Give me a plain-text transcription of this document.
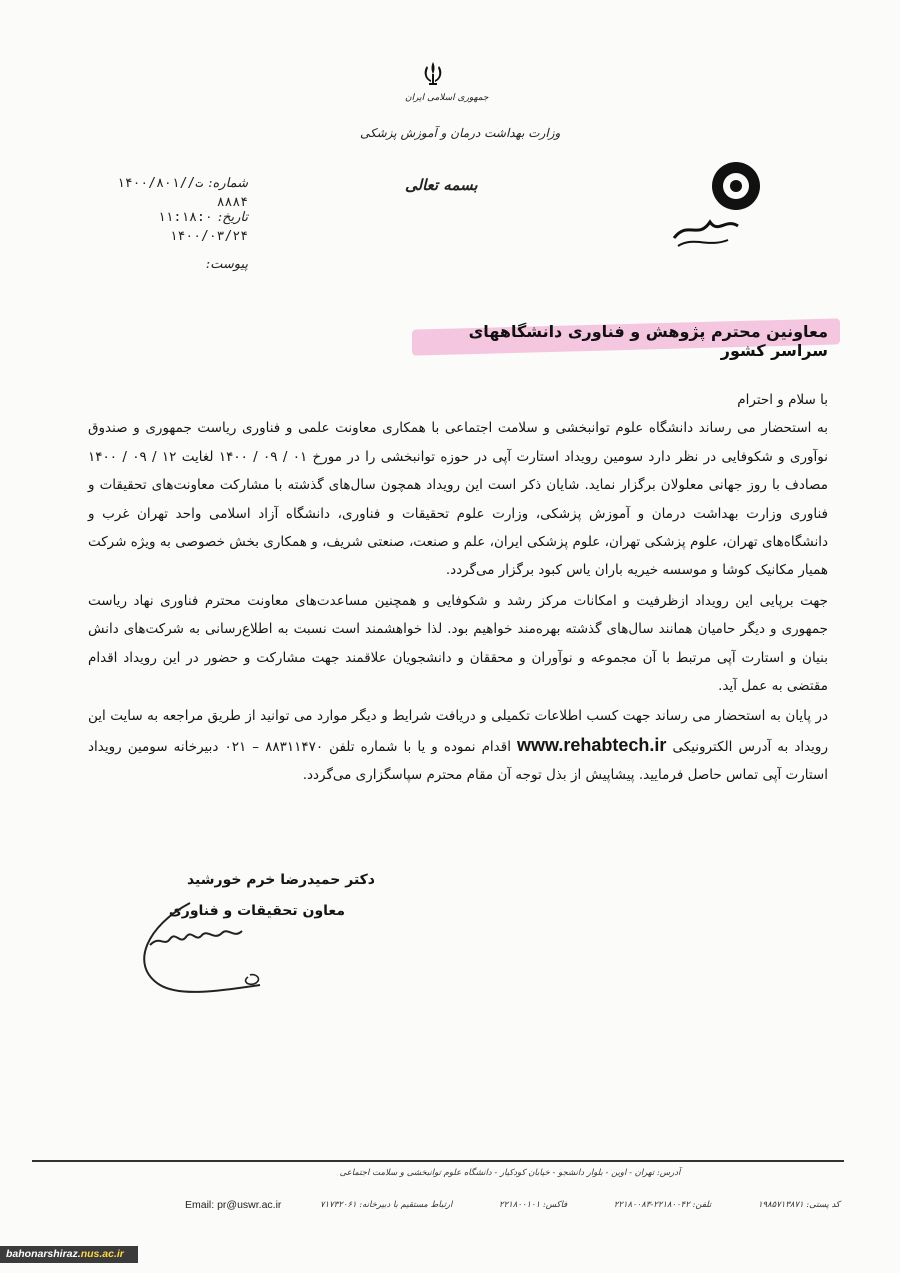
جمهوری اسلامی ایران
وزارت بهداشت درمان و آموزش پزشکی
بسمه تعالی
شماره: ۱۴۰۰/۸۰۱/ت/۸۸۸۴
تاریخ: ۱۱:۱۸:۰ ۱۴۰۰/۰۳/۲۴
پیوست:
معاونین محترم پژوهش و فناوری دانشگاههای سراسر کشور

با سلام و احترام

به استحضار می رساند دانشگاه علوم توانبخشی و سلامت اجتماعی با همکاری معاونت علمی و فناوری ریاست جمهوری و صندوق نوآوری و شکوفایی در نظر دارد سومین رویداد استارت آپی در حوزه توانبخشی را در مورخ ۰۱ / ۰۹ / ۱۴۰۰ لغایت ۱۲ / ۰۹ / ۱۴۰۰ مصادف با روز جهانی معلولان برگزار نماید. شایان ذکر است این رویداد همچون سال‌های گذشته با مشارکت معاونت‌های تحقیقات و فناوری وزارت بهداشت درمان و آموزش پزشکی، وزارت علوم تحقیقات و فناوری، دانشگاه آزاد اسلامی واحد تهران غرب و دانشگاه‌های تهران، علوم پزشکی تهران، علوم پزشکی ایران، علم و صنعت، صنعتی شریف، و همکاری بخش خصوصی به ویژه شرکت همیار مکانیک کوشا و موسسه خیریه باران یاس کبود برگزار می‌گردد.

جهت برپایی این رویداد ازظرفیت و امکانات مرکز رشد و شکوفایی و همچنین مساعدت‌های معاونت محترم فناوری نهاد ریاست جمهوری و دیگر حامیان همانند سال‌های گذشته بهره‌مند خواهیم بود. لذا خواهشمند است نسبت به اطلاع‌رسانی به شرکت‌های دانش بنیان و استارت آپی مرتبط با آن مجموعه و نوآوران و محققان و دانشجویان علاقمند جهت مشارکت و حضور در این رویداد اقدام مقتضی به عمل آید.

در پایان به استحضار می رساند جهت کسب اطلاعات تکمیلی و دریافت شرایط و دیگر موارد می توانید از طریق مراجعه به سایت این رویداد به آدرس الکترونیکی www.rehabtech.ir اقدام نموده و یا با شماره تلفن ۸۸۳۱۱۴۷۰ – ۰۲۱ دبیرخانه سومین رویداد استارت آپی تماس حاصل فرمایید. پیشاپیش از بذل توجه آن مقام محترم سپاسگزاری می‌گردد.

دکتر حمیدرضا خرم خورشید
معاون تحقیقات و فناوری
آدرس: تهران - اوین - بلوار دانشجو - خیابان کودکیار - دانشگاه علوم توانبخشی و سلامت اجتماعی
کد پستی: ۱۹۸۵۷۱۳۸۷۱
تلفن: ۲۲۱۸۰۰۴۲-۲۲۱۸۰۰۸۳
فاکس: ۲۲۱۸۰۰۱۰۱
ارتباط مستقیم با دبیرخانه: ۷۱۷۳۲۰۶۱
Email: pr@uswr.ac.ir
bahonarshiraz.nus.ac.ir
